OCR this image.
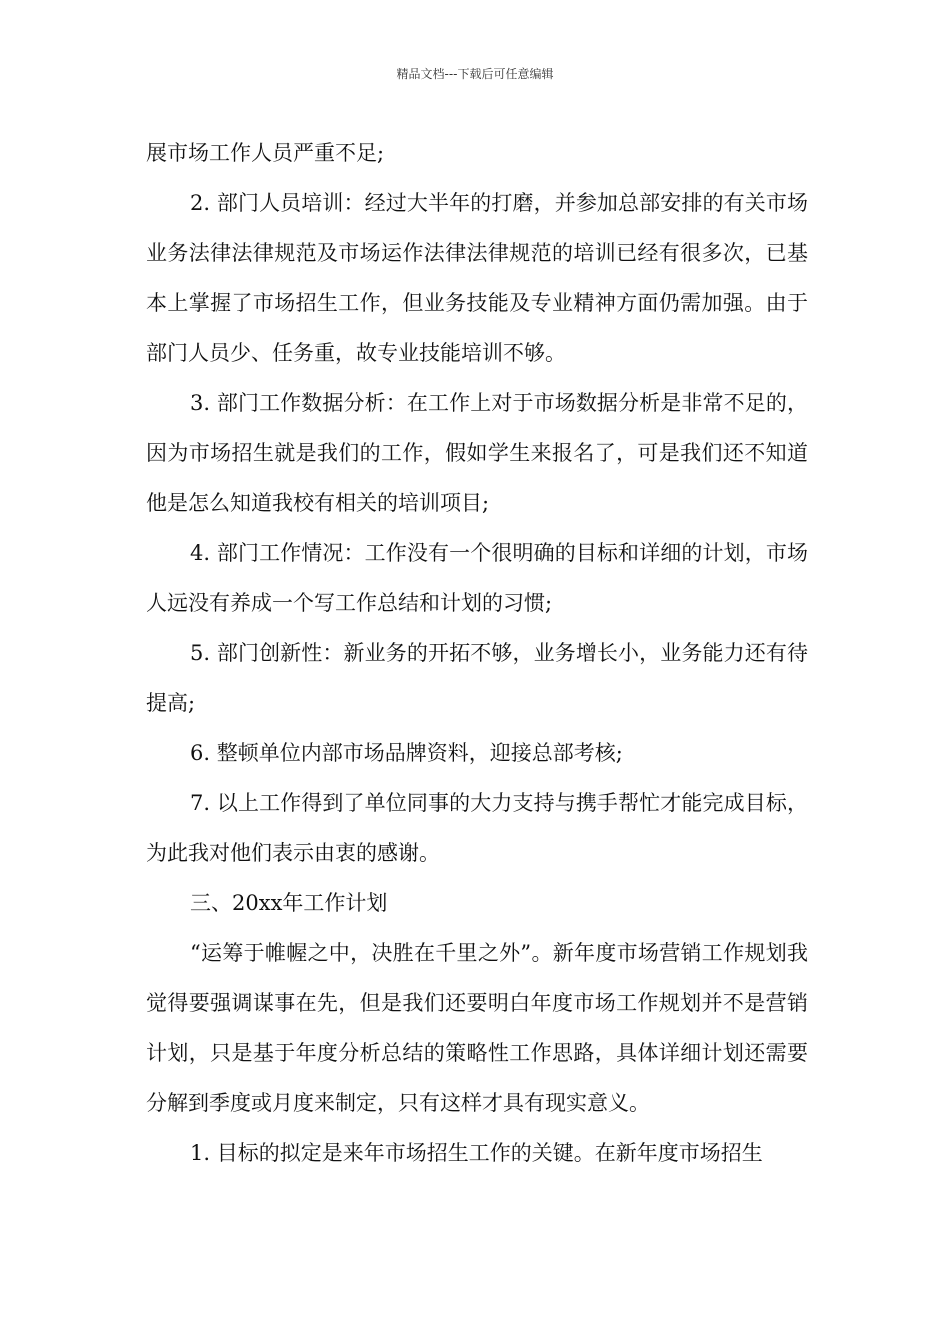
精品文档---下载后可任意编辑

展市场工作人员严重不足;

2. 部门人员培训：经过大半年的打磨，并参加总部安排的有关市场业务法律法律规范及市场运作法律法律规范的培训已经有很多次，已基本上掌握了市场招生工作，但业务技能及专业精神方面仍需加强。由于部门人员少、任务重，故专业技能培训不够。

3. 部门工作数据分析：在工作上对于市场数据分析是非常不足的，因为市场招生就是我们的工作，假如学生来报名了，可是我们还不知道他是怎么知道我校有相关的培训项目;

4. 部门工作情况：工作没有一个很明确的目标和详细的计划，市场人远没有养成一个写工作总结和计划的习惯;

5. 部门创新性：新业务的开拓不够，业务增长小，业务能力还有待提高;

6. 整顿单位内部市场品牌资料，迎接总部考核;

7. 以上工作得到了单位同事的大力支持与携手帮忙才能完成目标，为此我对他们表示由衷的感谢。

三、20xx年工作计划

“运筹于帷幄之中，决胜在千里之外”。新年度市场营销工作规划我觉得要强调谋事在先，但是我们还要明白年度市场工作规划并不是营销计划，只是基于年度分析总结的策略性工作思路，具体详细计划还需要分解到季度或月度来制定，只有这样才具有现实意义。

1. 目标的拟定是来年市场招生工作的关键。在新年度市场招生
